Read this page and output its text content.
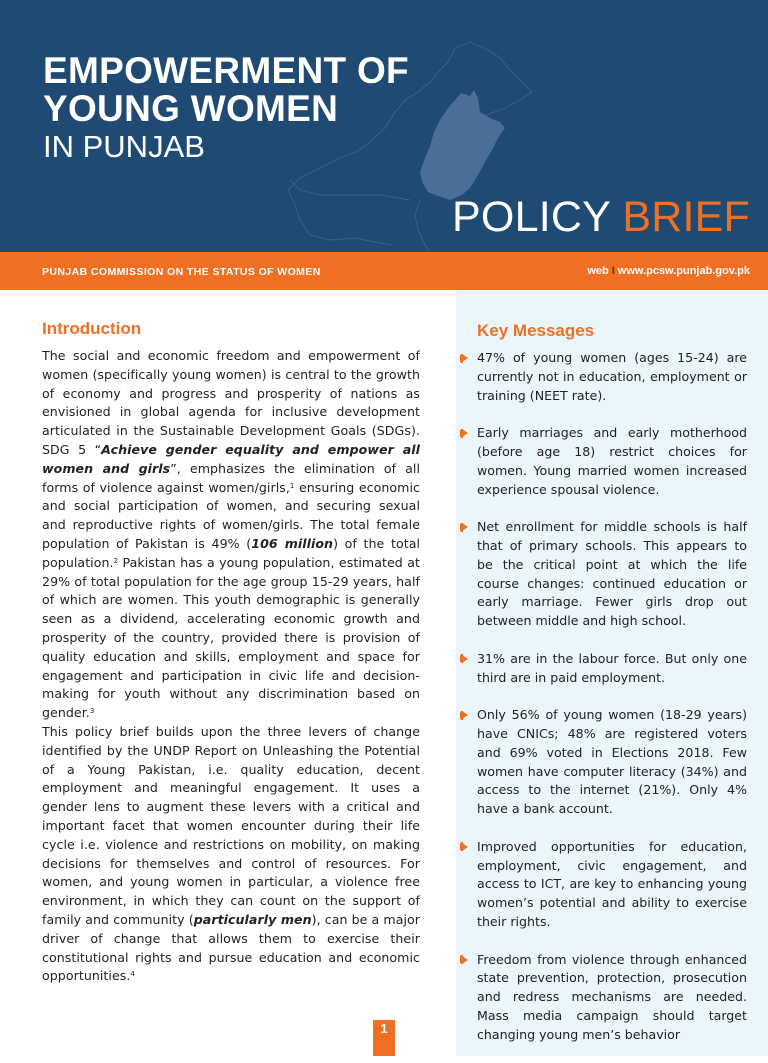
EMPOWERMENT OF
YOUNG WOMEN
IN PUNJAB
POLICY BRIEF
PUNJAB COMMISSION ON THE STATUS OF WOMEN	web I www.pcsw.punjab.gov.pk
Introduction

The social and economic freedom and empowerment of women (specifically young women) is central to the growth of economy and progress and prosperity of nations as envisioned in global agenda for inclusive development articulated in the Sustainable Development Goals (SDGs). SDG 5 “Achieve gender equality and empower all women and girls”, emphasizes the elimination of all forms of violence against women/girls,$^1$ ensuring economic and social participation of women, and securing sexual and reproductive rights of women/girls. The total female population of Pakistan is 49% (106 million) of the total population.$^2$ Pakistan has a young population, estimated at 29% of total population for the age group 15-29 years, half of which are women. This youth demographic is generally seen as a dividend, accelerating economic growth and prosperity of the country, provided there is provision of quality education and skills, employment and space for engagement and participation in civic life and decision-making for youth without any discrimination based on gender.$^3$

This policy brief builds upon the three levers of change identified by the UNDP Report on Unleashing the Potential of a Young Pakistan, i.e. quality education, decent employment and meaningful engagement. It uses a gender lens to augment these levers with a critical and important facet that women encounter during their life cycle i.e. violence and restrictions on mobility, on making decisions for themselves and control of resources. For women, and young women in particular, a violence free environment, in which they can count on the support of family and community (particularly men), can be a major driver of change that allows them to exercise their constitutional rights and pursue education and economic opportunities.$^4$

Key Messages

47% of young women (ages 15-24) are currently not in education, employment or training (NEET rate).

Early marriages and early motherhood (before age 18) restrict choices for women. Young married women increased experience spousal violence.

Net enrollment for middle schools is half that of primary schools. This appears to be the critical point at which the life course changes: continued education or early marriage. Fewer girls drop out between middle and high school.

31% are in the labour force. But only one third are in paid employment.

Only 56% of young women (18-29 years) have CNICs; 48% are registered voters and 69% voted in Elections 2018. Few women have computer literacy (34%) and access to the internet (21%). Only 4% have a bank account.

Improved opportunities for education, employment, civic engagement, and access to ICT, are key to enhancing young women’s potential and ability to exercise their rights.

Freedom from violence through enhanced state prevention, protection, prosecution and redress mechanisms are needed. Mass media campaign should target changing young men’s behavior

1
